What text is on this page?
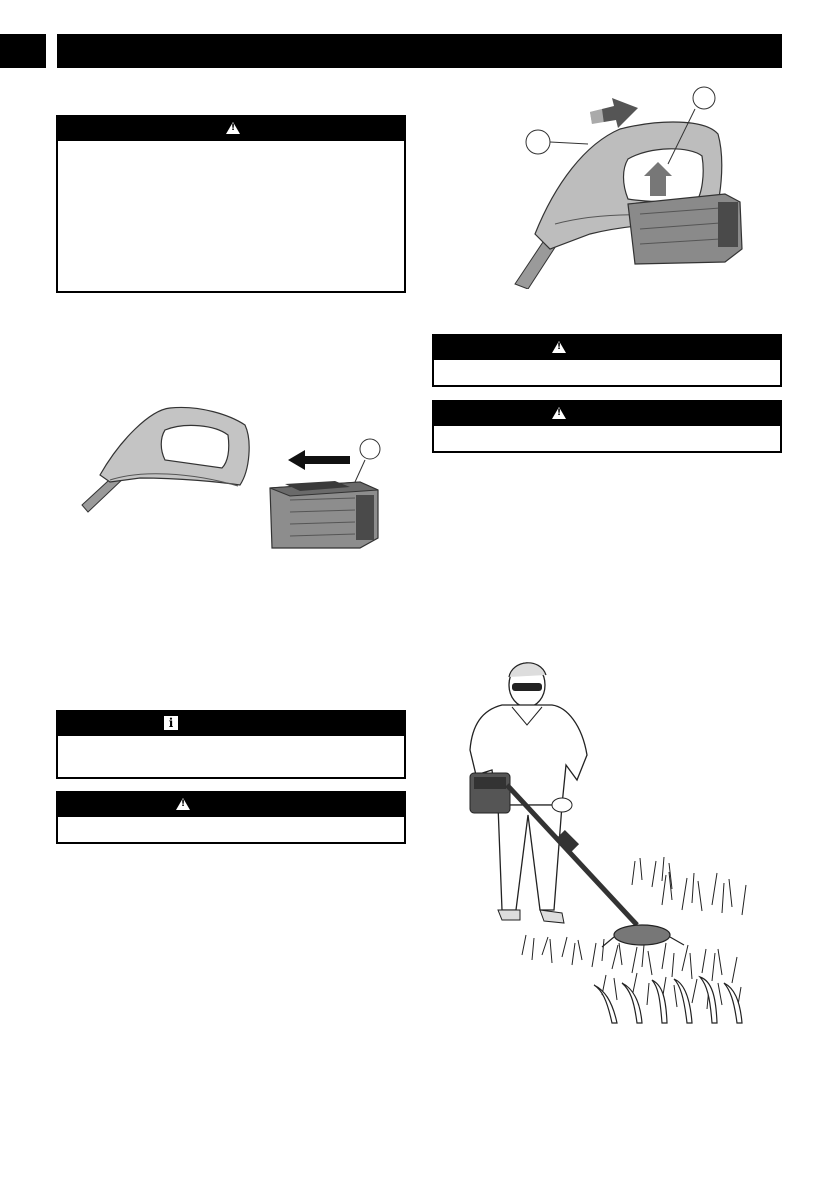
!
i
!
!
!
